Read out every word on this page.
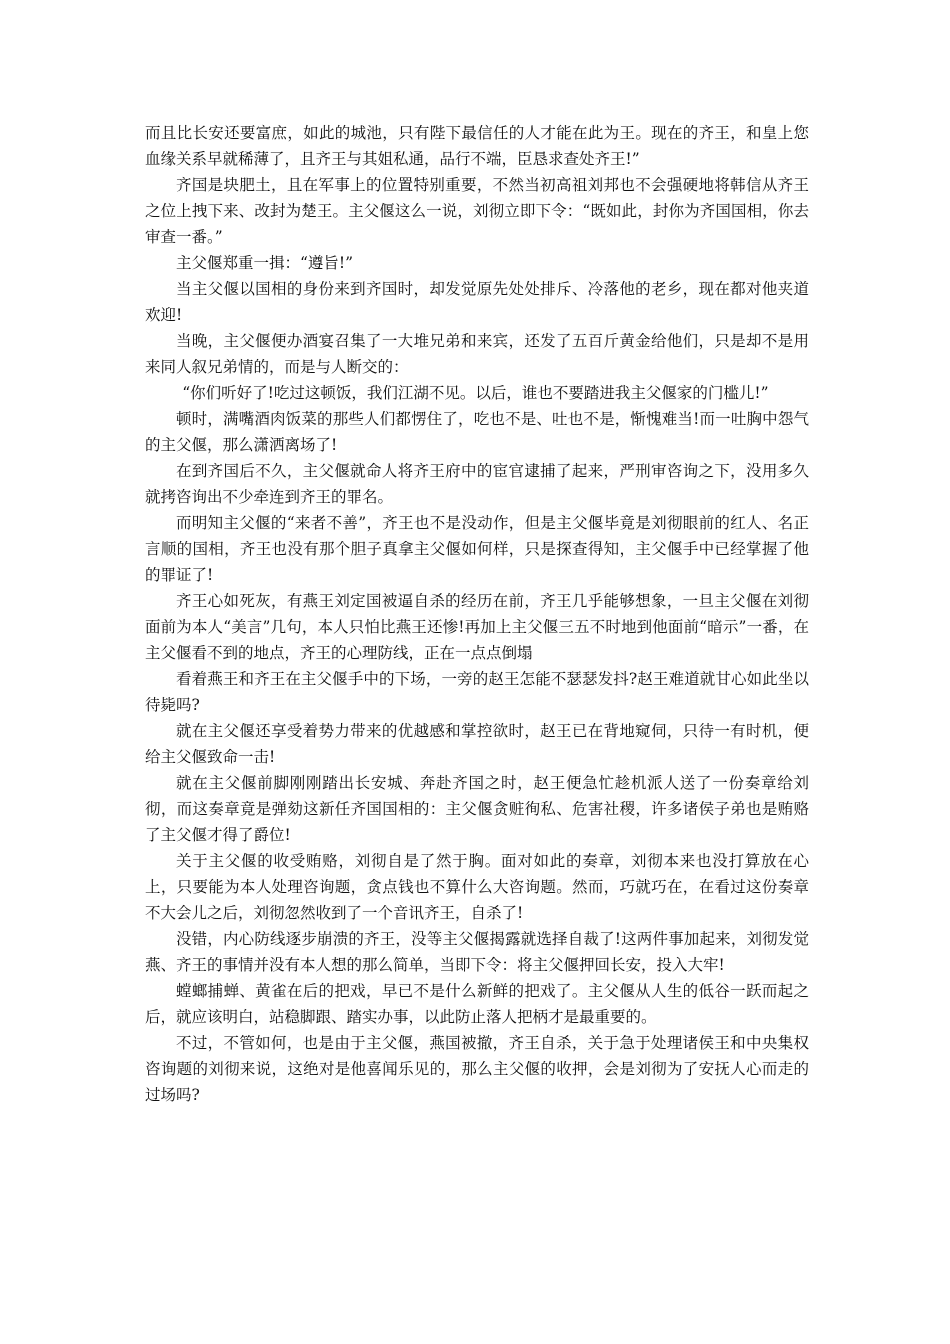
而且比长安还要富庶，如此的城池，只有陛下最信任的人才能在此为王。现在的齐王，和皇上您血缘关系早就稀薄了，且齐王与其姐私通，品行不端，臣恳求查处齐王!”

齐国是块肥土，且在军事上的位置特别重要，不然当初高祖刘邦也不会强硬地将韩信从齐王之位上拽下来、改封为楚王。主父偃这么一说，刘彻立即下令：“既如此，封你为齐国国相，你去审查一番。”

主父偃郑重一揖：“遵旨!”

当主父偃以国相的身份来到齐国时，却发觉原先处处排斥、冷落他的老乡，现在都对他夹道欢迎!

当晚，主父偃便办酒宴召集了一大堆兄弟和来宾，还发了五百斤黄金给他们，只是却不是用来同人叙兄弟情的，而是与人断交的：

“你们听好了!吃过这顿饭，我们江湖不见。以后，谁也不要踏进我主父偃家的门槛儿!”

顿时，满嘴酒肉饭菜的那些人们都愣住了，吃也不是、吐也不是，惭愧难当!而一吐胸中怨气的主父偃，那么潇洒离场了!

在到齐国后不久，主父偃就命人将齐王府中的宦官逮捕了起来，严刑审咨询之下，没用多久就拷咨询出不少牵连到齐王的罪名。

而明知主父偃的“来者不善”，齐王也不是没动作，但是主父偃毕竟是刘彻眼前的红人、名正言顺的国相，齐王也没有那个胆子真拿主父偃如何样，只是探查得知，主父偃手中已经掌握了他的罪证了!

齐王心如死灰，有燕王刘定国被逼自杀的经历在前，齐王几乎能够想象，一旦主父偃在刘彻面前为本人“美言”几句，本人只怕比燕王还惨!再加上主父偃三五不时地到他面前“暗示”一番，在主父偃看不到的地点，齐王的心理防线，正在一点点倒塌

看着燕王和齐王在主父偃手中的下场，一旁的赵王怎能不瑟瑟发抖?赵王难道就甘心如此坐以待毙吗?

就在主父偃还享受着势力带来的优越感和掌控欲时，赵王已在背地窥伺，只待一有时机，便给主父偃致命一击!

就在主父偃前脚刚刚踏出长安城、奔赴齐国之时，赵王便急忙趁机派人送了一份奏章给刘彻，而这奏章竟是弹劾这新任齐国国相的：主父偃贪赃徇私、危害社稷，许多诸侯子弟也是贿赂了主父偃才得了爵位!

关于主父偃的收受贿赂，刘彻自是了然于胸。面对如此的奏章，刘彻本来也没打算放在心上，只要能为本人处理咨询题，贪点钱也不算什么大咨询题。然而，巧就巧在，在看过这份奏章不大会儿之后，刘彻忽然收到了一个音讯齐王，自杀了!

没错，内心防线逐步崩溃的齐王，没等主父偃揭露就选择自裁了!这两件事加起来，刘彻发觉燕、齐王的事情并没有本人想的那么简单，当即下令：将主父偃押回长安，投入大牢!

螳螂捕蝉、黄雀在后的把戏，早已不是什么新鲜的把戏了。主父偃从人生的低谷一跃而起之后，就应该明白，站稳脚跟、踏实办事，以此防止落人把柄才是最重要的。

不过，不管如何，也是由于主父偃，燕国被撤，齐王自杀，关于急于处理诸侯王和中央集权咨询题的刘彻来说，这绝对是他喜闻乐见的，那么主父偃的收押，会是刘彻为了安抚人心而走的过场吗?
